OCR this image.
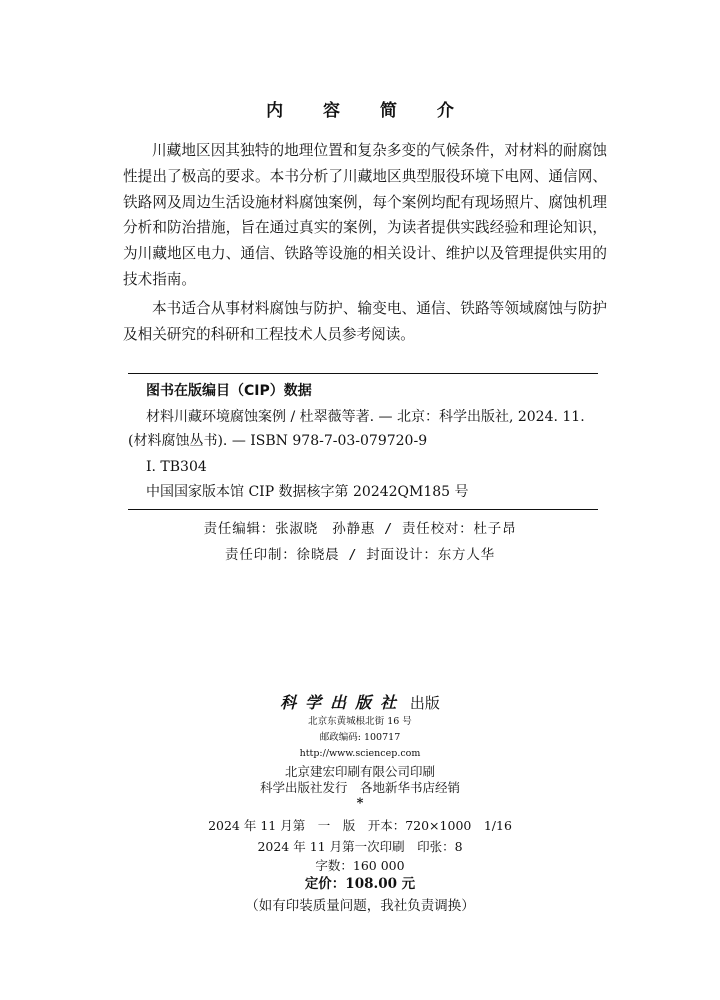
内 容 简 介
川藏地区因其独特的地理位置和复杂多变的气候条件，对材料的耐腐蚀性提出了极高的要求。本书分析了川藏地区典型服役环境下电网、通信网、铁路网及周边生活设施材料腐蚀案例，每个案例均配有现场照片、腐蚀机理分析和防治措施，旨在通过真实的案例，为读者提供实践经验和理论知识，为川藏地区电力、通信、铁路等设施的相关设计、维护以及管理提供实用的技术指南。
本书适合从事材料腐蚀与防护、输变电、通信、铁路等领域腐蚀与防护及相关研究的科研和工程技术人员参考阅读。
图书在版编目（CIP）数据
材料川藏环境腐蚀案例 / 杜翠薇等著. — 北京：科学出版社, 2024. 11.
(材料腐蚀丛书). — ISBN 978-7-03-079720-9
Ⅰ. TB304
中国国家版本馆 CIP 数据核字第 20242QM185 号
责任编辑：张淑晓　孙静惠 / 责任校对：杜子昂
责任印制：徐晓晨 / 封面设计：东方人华
科学出版社 出版
北京东黄城根北街 16 号
邮政编码: 100717
http://www.sciencep.com
北京建宏印刷有限公司印刷
科学出版社发行　各地新华书店经销
*
2024 年 11 月第　一　版　开本：720×1000　1/16
2024 年 11 月第一次印刷　印张：8
字数：160 000
定价：108.00 元
（如有印装质量问题，我社负责调换）
